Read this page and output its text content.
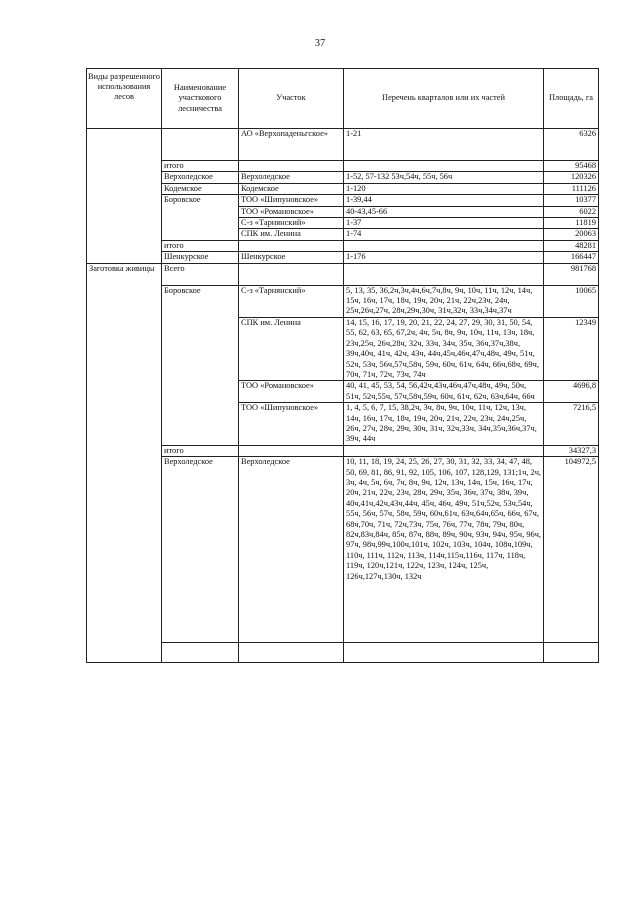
37
Виды разрешенного использования лесов	Наименование участкового лесничества	Участок	Перечень кварталов или их частей	Площадь, га
		АО «Верхопаденьгское»	1-21	6326
	итого			95468
	Верхоледское	Верхоледское	1-52, 57-132 53ч,54ч, 55ч, 56ч	120326
	Кодемское	Кодемское	1-120	111126
	Боровское	ТОО «Шипуновское»	1-39,44	10377
		ТОО «Романовское»	40-43,45-66	6022
		С-з «Тарнянский»	1-37	11819
		СПК им. Ленина	1-74	20063
	итого			48281
	Шенкурское	Шенкурское	1-176	166447
Заготовка живицы	Всего			981768
	Боровское	С-з «Тарнянский»	5, 13, 35, 36,2ч,3ч,4ч,6ч,7ч,8ч, 9ч, 10ч, 11ч, 12ч, 14ч, 15ч, 16ч, 17ч, 18ч, 19ч, 20ч, 21ч, 22ч,23ч, 24ч, 25ч,26ч,27ч, 28ч,29ч,30ч, 31ч,32ч, 33ч,34ч,37ч	10065
		СПК им. Ленина	14, 15, 16, 17, 19, 20, 21, 22, 24, 27, 29, 30, 31, 50, 54, 55, 62, 63, 65, 67,2ч, 4ч, 5ч, 8ч, 9ч, 10ч, 11ч, 13ч, 18ч, 23ч,25ч, 26ч,28ч, 32ч, 33ч, 34ч, 35ч, 36ч,37ч,38ч, 39ч,40ч, 41ч, 42ч, 43ч, 44ч,45ч,46ч,47ч,48ч, 49ч, 51ч, 52ч, 53ч, 56ч,57ч,58ч, 59ч, 60ч, 61ч, 64ч, 66ч,68ч, 69ч, 70ч, 71ч, 72ч, 73ч, 74ч	12349
		ТОО «Романовское»	40, 41, 45, 53, 54, 56,42ч,43ч,46ч,47ч,48ч, 49ч, 50ч, 51ч, 52ч,55ч, 57ч,58ч,59ч, 60ч, 61ч, 62ч, 63ч,64ч, 66ч	4696,8
		ТОО «Шипуновское»	1, 4, 5, 6, 7, 15, 38,2ч, 3ч, 8ч, 9ч, 10ч, 11ч, 12ч, 13ч, 14ч, 16ч, 17ч, 18ч, 19ч, 20ч, 21ч, 22ч, 23ч, 24ч,25ч, 26ч, 27ч, 28ч, 29ч, 30ч, 31ч, 32ч,33ч, 34ч,35ч,36ч,37ч, 39ч, 44ч	7216,5
	итого			34327,3
	Верхоледское	Верхоледское	10, 11, 18, 19, 24, 25, 26, 27, 30, 31, 32, 33, 34, 47, 48, 50, 69, 81, 86, 91, 92, 105, 106, 107, 128,129, 131;1ч, 2ч, 3ч, 4ч, 5ч, 6ч, 7ч, 8ч, 9ч, 12ч, 13ч, 14ч, 15ч, 16ч, 17ч, 20ч, 21ч, 22ч, 23ч, 28ч, 29ч, 35ч, 36ч, 37ч, 38ч, 39ч, 40ч,41ч,42ч,43ч,44ч, 45ч, 46ч, 49ч, 51ч,52ч, 53ч,54ч, 55ч, 56ч, 57ч, 58ч, 59ч, 60ч,61ч, 63ч,64ч,65ч, 66ч, 67ч, 68ч,70ч, 71ч, 72ч,73ч, 75ч, 76ч, 77ч, 78ч, 79ч, 80ч, 82ч,83ч,84ч, 85ч, 87ч, 88ч, 89ч, 90ч, 93ч, 94ч, 95ч, 96ч, 97ч, 98ч,99ч,100ч,101ч, 102ч, 103ч, 104ч, 108ч,109ч, 110ч, 111ч, 112ч, 113ч, 114ч,115ч,116ч, 117ч, 118ч, 119ч, 120ч,121ч, 122ч, 123ч, 124ч, 125ч, 126ч,127ч,130ч, 132ч	104972,5
